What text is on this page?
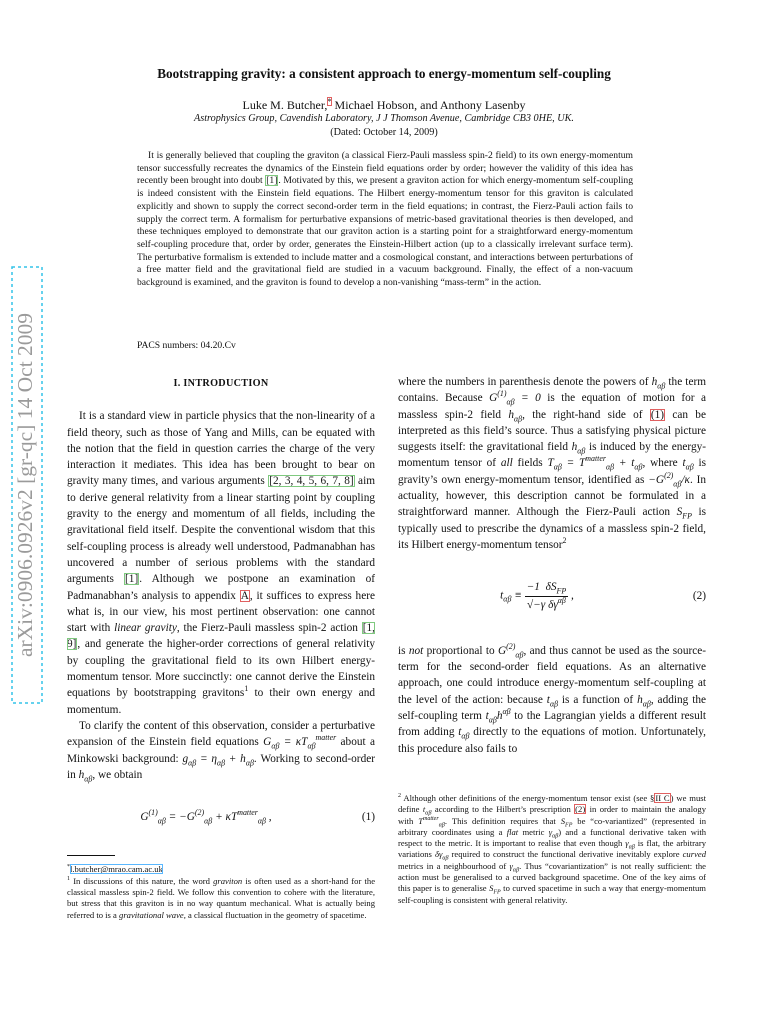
arXiv:0906.0926v2 [gr-qc] 14 Oct 2009
Bootstrapping gravity: a consistent approach to energy-momentum self-coupling
Luke M. Butcher,* Michael Hobson, and Anthony Lasenby
Astrophysics Group, Cavendish Laboratory, J J Thomson Avenue, Cambridge CB3 0HE, UK.
(Dated: October 14, 2009)

It is generally believed that coupling the graviton (a classical Fierz-Pauli massless spin-2 field) to its own energy-momentum tensor successfully recreates the dynamics of the Einstein field equations order by order; however the validity of this idea has recently been brought into doubt [1]. Motivated by this, we present a graviton action for which energy-momentum self-coupling is indeed consistent with the Einstein field equations. The Hilbert energy-momentum tensor for this graviton is calculated explicitly and shown to supply the correct second-order term in the field equations; in contrast, the Fierz-Pauli action fails to supply the correct term. A formalism for perturbative expansions of metric-based gravitational theories is then developed, and these techniques employed to demonstrate that our graviton action is a starting point for a straightforward energy-momentum self-coupling procedure that, order by order, generates the Einstein-Hilbert action (up to a classically irrelevant surface term). The perturbative formalism is extended to include matter and a cosmological constant, and interactions between perturbations of a free matter field and the gravitational field are studied in a vacuum background. Finally, the effect of a non-vacuum background is examined, and the graviton is found to develop a non-vanishing “mass-term” in the action.

PACS numbers: 04.20.Cv
I. INTRODUCTION

It is a standard view in particle physics that the non-linearity of a field theory, such as those of Yang and Mills, can be equated with the notion that the field in question carries the charge of the very interaction it mediates. This idea has been brought to bear on gravity many times, and various arguments [2, 3, 4, 5, 6, 7, 8] aim to derive general relativity from a linear starting point by coupling gravity to the energy and momentum of all fields, including the gravitational field itself. Despite the conventional wisdom that this self-coupling process is already well understood, Padmanabhan has uncovered a number of serious problems with the standard arguments [1]. Although we postpone an examination of Padmanabhan’s analysis to appendix A, it suffices to express here what is, in our view, his most pertinent observation: one cannot start with linear gravity, the Fierz-Pauli massless spin-2 action [1, 9], and generate the higher-order corrections of general relativity by coupling the gravitational field to its own Hilbert energy-momentum tensor. More succinctly: one cannot derive the Einstein equations by bootstrapping gravitons$^1$ to their own energy and momentum.

To clarify the content of this observation, consider a perturbative expansion of the Einstein field equations $G_{\alpha\beta} = \kappa T_{\alpha\beta}^{matter}$ about a Minkowski background: $g_{\alpha\beta} = \eta_{\alpha\beta} + h_{\alpha\beta}$. Working to second-order in $h_{\alpha\beta}$, we obtain

$G^{(1)}_{\alpha\beta} = -G^{(2)}_{\alpha\beta} + \kappa T^{matter}_{\alpha\beta}$ ,	(1)
*l.butcher@mrao.cam.ac.uk
$^1$ In discussions of this nature, the word graviton is often used as a short-hand for the classical massless spin-2 field. We follow this convention to cohere with the literature, but stress that this graviton is in no way quantum mechanical. What is actually being referred to is a gravitational wave, a classical fluctuation in the geometry of spacetime.

where the numbers in parenthesis denote the powers of $h_{\alpha\beta}$ the term contains. Because $G^{(1)}_{\alpha\beta} = 0$ is the equation of motion for a massless spin-2 field $h_{\alpha\beta}$, the right-hand side of (1) can be interpreted as this field’s source. Thus a satisfying physical picture suggests itself: the gravitational field $h_{\alpha\beta}$ is induced by the energy-momentum tensor of all fields $T_{\alpha\beta} = T^{matter}_{\alpha\beta} + t_{\alpha\beta}$, where $t_{\alpha\beta}$ is gravity’s own energy-momentum tensor, identified as $-G^{(2)}_{\alpha\beta}/\kappa$. In actuality, however, this description cannot be formulated in a straightforward manner. Although the Fierz-Pauli action $S_{FP}$ is typically used to prescribe the dynamics of a massless spin-2 field, its Hilbert energy-momentum tensor$^2$

$t_{\alpha\beta}$ ≡
−1  $\delta S_{FP}$
√−γ $\delta\gamma^{\alpha\beta}$ ,	(2)

is not proportional to $G^{(2)}_{\alpha\beta}$, and thus cannot be used as the source-term for the second-order field equations. As an alternative approach, one could introduce energy-momentum self-coupling at the level of the action: because $t_{\alpha\beta}$ is a function of $h_{\alpha\beta}$, adding the self-coupling term $t_{\alpha\beta}h^{\alpha\beta}$ to the Lagrangian yields a different result from adding $t_{\alpha\beta}$ directly to the equations of motion. Unfortunately, this procedure also fails to

$^2$ Although other definitions of the energy-momentum tensor exist (see §II C) we must define $t_{\alpha\beta}$ according to the Hilbert’s prescription (2) in order to maintain the analogy with $T^{matter}_{\alpha\beta}$. This definition requires that $S_{FP}$ be “co-variantized” (represented in arbitrary coordinates using a flat metric $\gamma_{\alpha\beta}$) and a functional derivative taken with respect to the metric. It is important to realise that even though $\gamma_{\alpha\beta}$ is flat, the arbitrary variations $\delta\gamma_{\alpha\beta}$ required to construct the functional derivative inevitably explore curved metrics in a neighbourhood of $\gamma_{\alpha\beta}$. Thus “covariantization” is not really sufficient: the action must be generalised to a curved background spacetime. One of the key aims of this paper is to generalise $S_{FP}$ to curved spacetime in such a way that energy-momentum self-coupling is consistent with general relativity.
